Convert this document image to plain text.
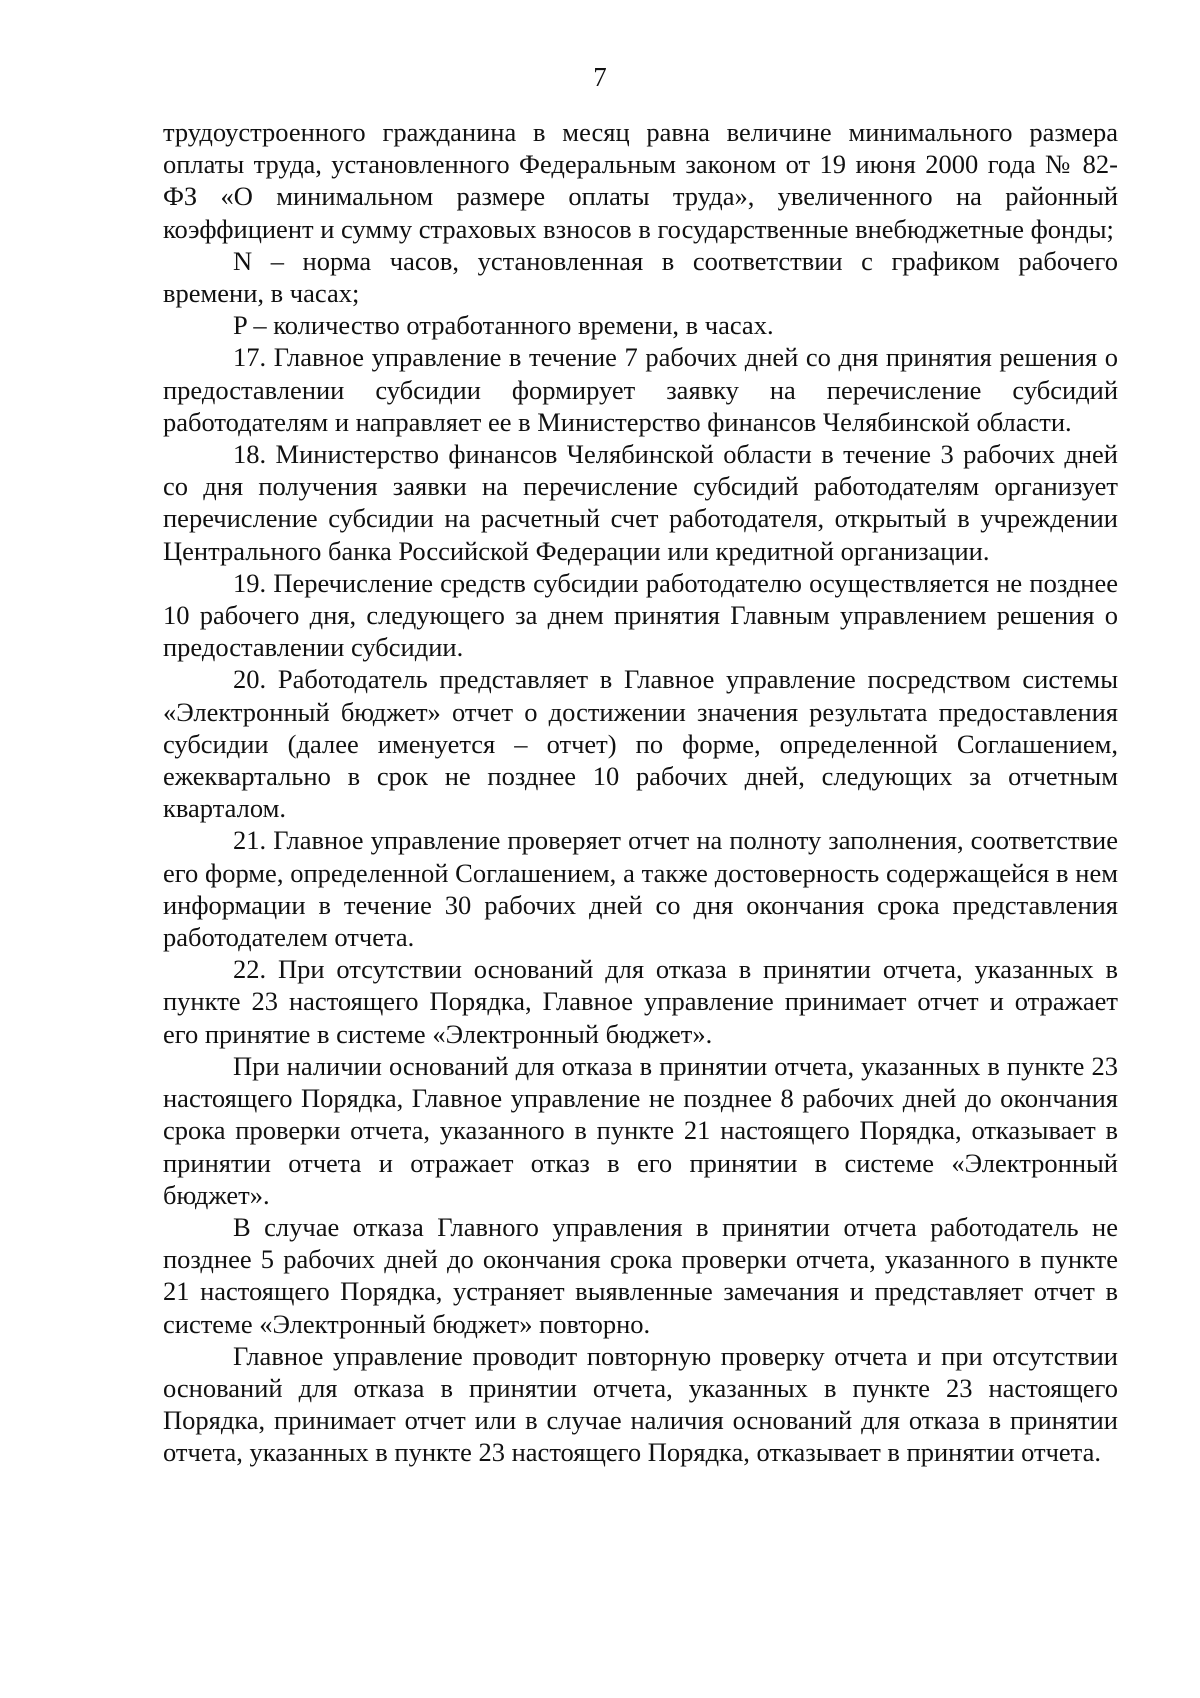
7

трудоустроенного гражданина в месяц равна величине минимального размера оплаты труда, установленного Федеральным законом от 19 июня 2000 года № 82-ФЗ «О минимальном размере оплаты труда», увеличенного на районный коэффициент и сумму страховых взносов в государственные внебюджетные фонды;

N – норма часов, установленная в соответствии с графиком рабочего времени, в часах;

P – количество отработанного времени, в часах.

17. Главное управление в течение 7 рабочих дней со дня принятия решения о предоставлении субсидии формирует заявку на перечисление субсидий работодателям и направляет ее в Министерство финансов Челябинской области.

18. Министерство финансов Челябинской области в течение 3 рабочих дней со дня получения заявки на перечисление субсидий работодателям организует перечисление субсидии на расчетный счет работодателя, открытый в учреждении Центрального банка Российской Федерации или кредитной организации.

19. Перечисление средств субсидии работодателю осуществляется не позднее 10 рабочего дня, следующего за днем принятия Главным управлением решения о предоставлении субсидии.

20. Работодатель представляет в Главное управление посредством системы «Электронный бюджет» отчет о достижении значения результата предоставления субсидии (далее именуется – отчет) по форме, определенной Соглашением, ежеквартально в срок не позднее 10 рабочих дней, следующих за отчетным кварталом.

21. Главное управление проверяет отчет на полноту заполнения, соответствие его форме, определенной Соглашением, а также достоверность содержащейся в нем информации в течение 30 рабочих дней со дня окончания срока представления работодателем отчета.

22. При отсутствии оснований для отказа в принятии отчета, указанных в пункте 23 настоящего Порядка, Главное управление принимает отчет и отражает его принятие в системе «Электронный бюджет».

При наличии оснований для отказа в принятии отчета, указанных в пункте 23 настоящего Порядка, Главное управление не позднее 8 рабочих дней до окончания срока проверки отчета, указанного в пункте 21 настоящего Порядка, отказывает в принятии отчета и отражает отказ в его принятии в системе «Электронный бюджет».

В случае отказа Главного управления в принятии отчета работодатель не позднее 5 рабочих дней до окончания срока проверки отчета, указанного в пункте 21 настоящего Порядка, устраняет выявленные замечания и представляет отчет в системе «Электронный бюджет» повторно.

Главное управление проводит повторную проверку отчета и при отсутствии оснований для отказа в принятии отчета, указанных в пункте 23 настоящего Порядка, принимает отчет или в случае наличия оснований для отказа в принятии отчета, указанных в пункте 23 настоящего Порядка, отказывает в принятии отчета.
